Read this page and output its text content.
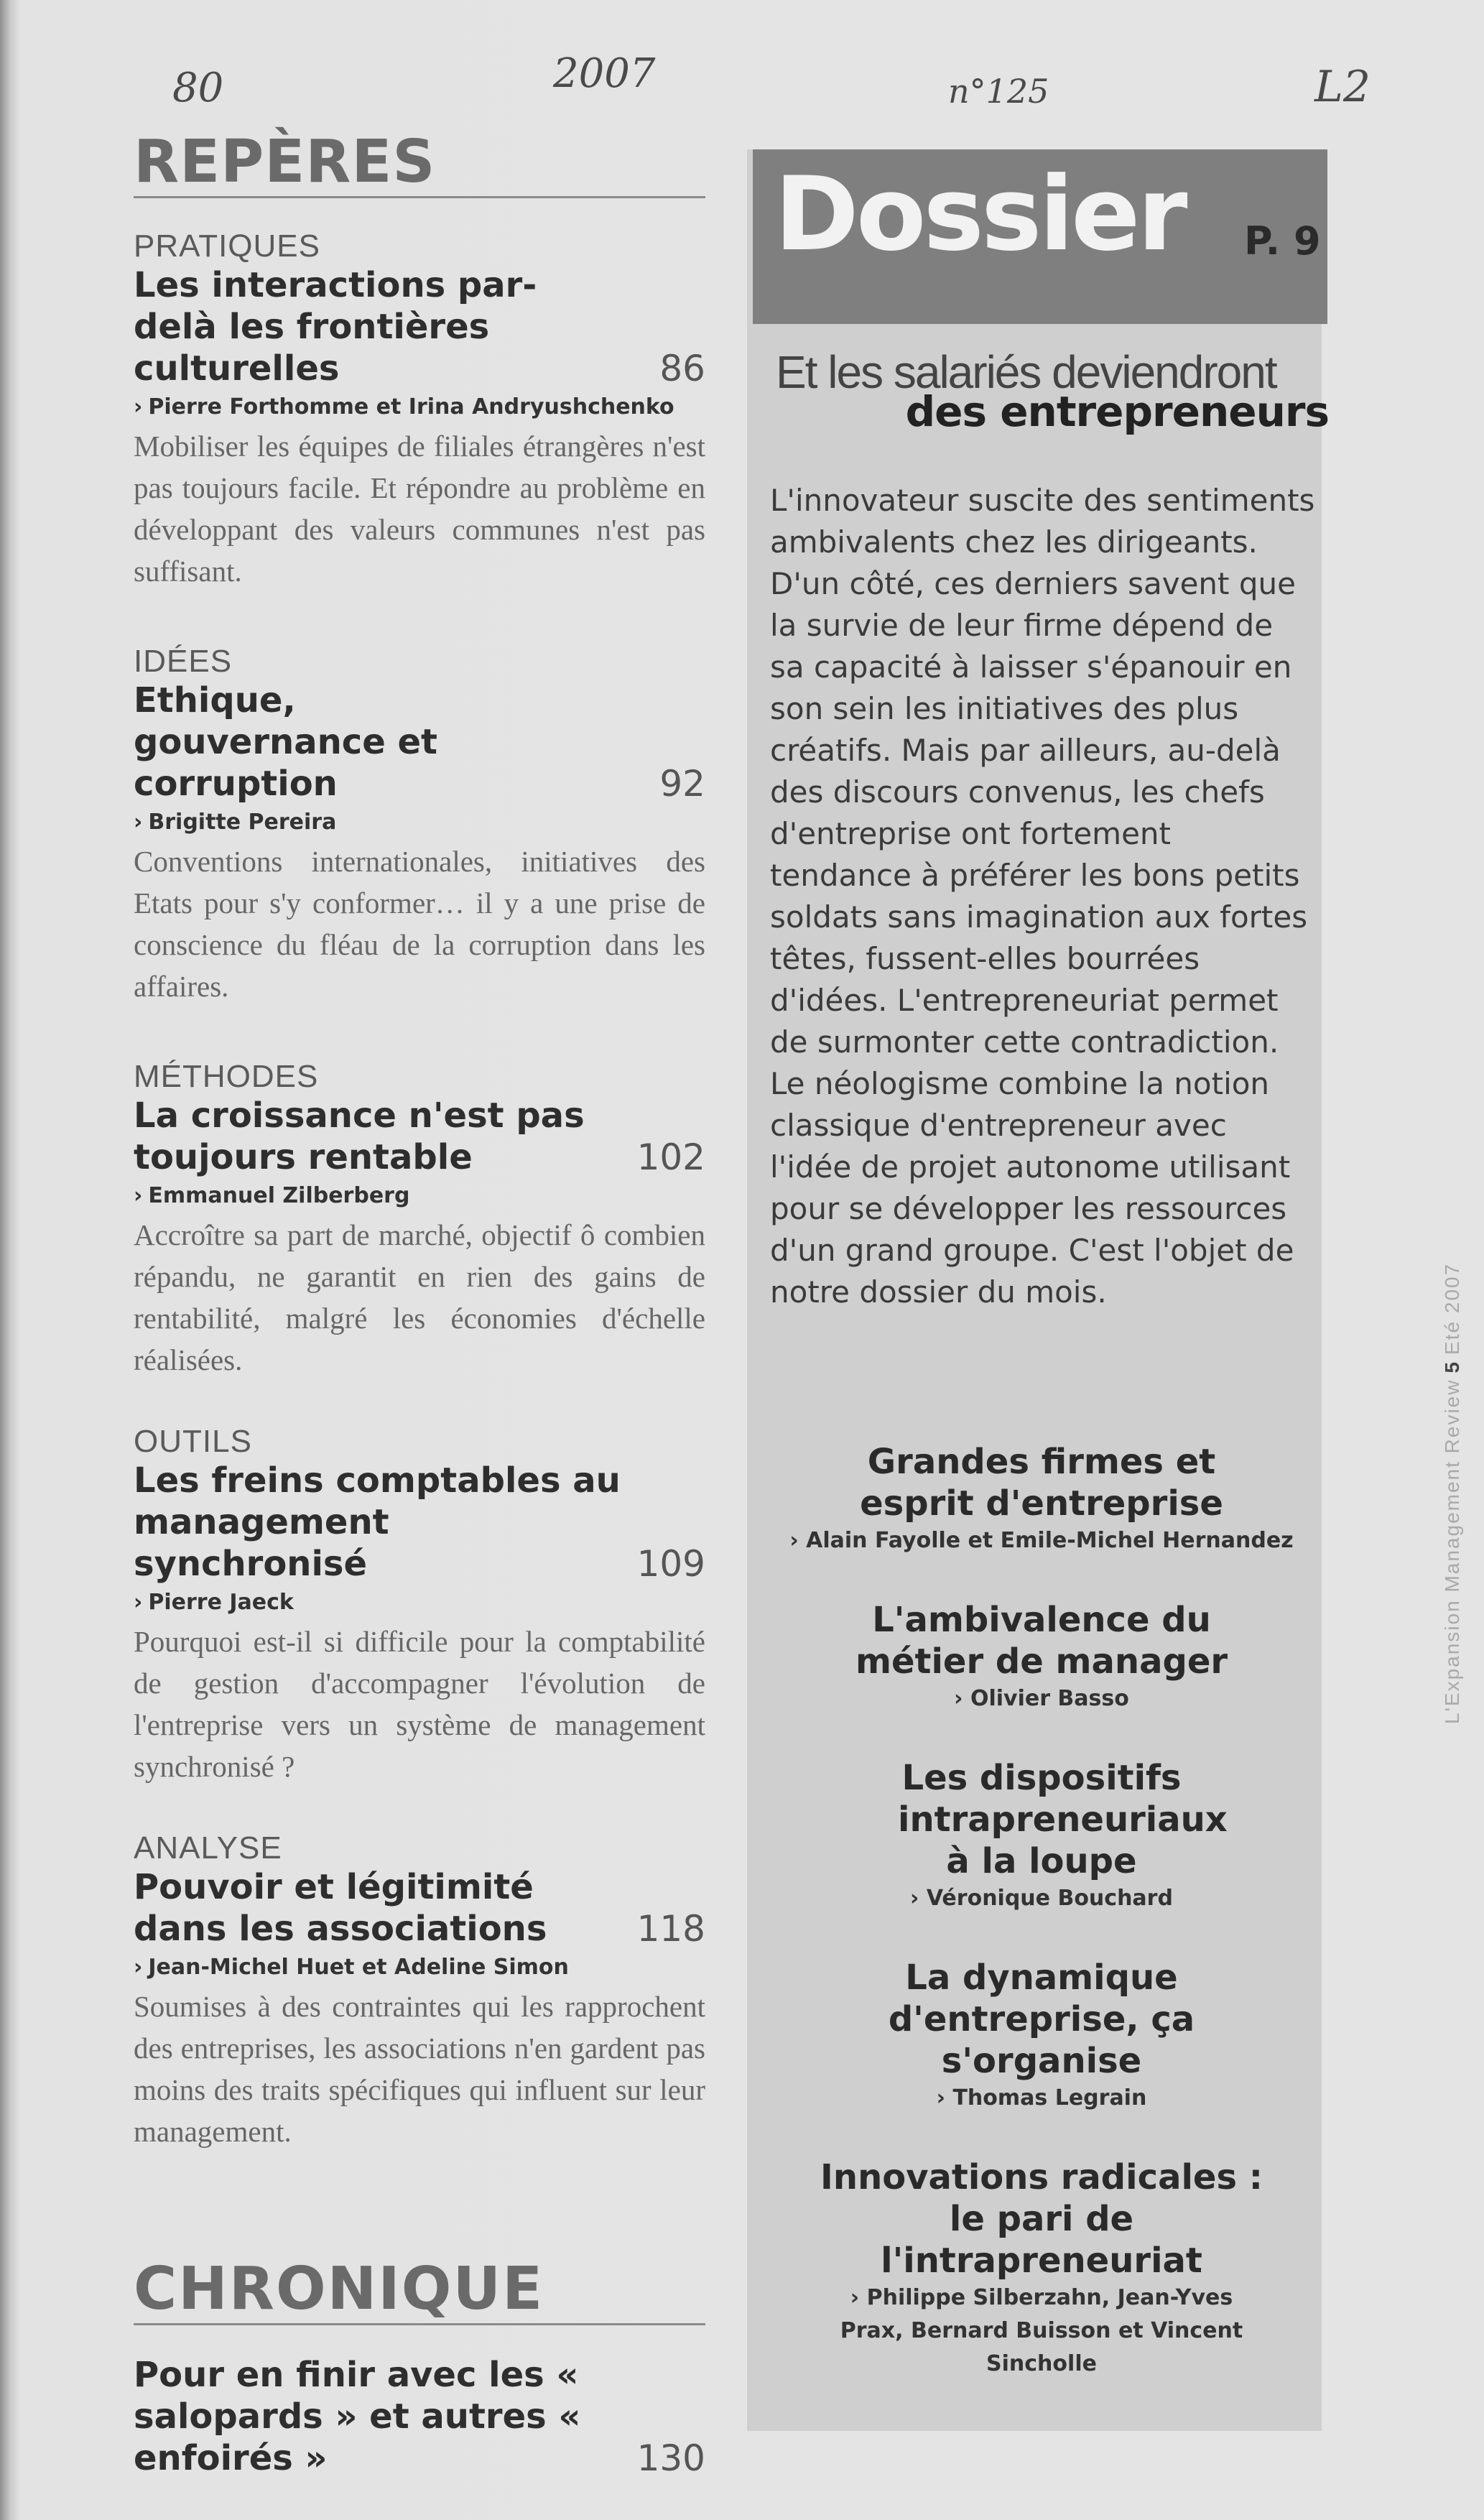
80	2007	n°125	L2
REPÈRES
PRATIQUES
Les interactions par-delà les frontières culturelles	86
› Pierre Forthomme et Irina Andryushchenko
Mobiliser les équipes de filiales étrangères n'est pas toujours facile. Et répondre au problème en développant des valeurs communes n'est pas suffisant.
IDÉES
Ethique, gouvernance et corruption	92
› Brigitte Pereira
Conventions internationales, initiatives des Etats pour s'y conformer… il y a une prise de conscience du fléau de la corruption dans les affaires.
MÉTHODES
La croissance n'est pas toujours rentable	102
› Emmanuel Zilberberg
Accroître sa part de marché, objectif ô combien répandu, ne garantit en rien des gains de rentabilité, malgré les économies d'échelle réalisées.
OUTILS
Les freins comptables au management synchronisé	109
› Pierre Jaeck
Pourquoi est-il si difficile pour la comptabilité de gestion d'accompagner l'évolution de l'entreprise vers un système de management synchronisé ?
ANALYSE
Pouvoir et légitimité dans les associations	118
› Jean-Michel Huet et Adeline Simon
Soumises à des contraintes qui les rapprochent des entreprises, les associations n'en gardent pas moins des traits spécifiques qui influent sur leur management.
CHRONIQUE
Pour en finir avec les « salopards » et autres « enfoirés »	130
Dossier P. 9
Et les salariés deviendront
des entrepreneurs
L'innovateur suscite des sentiments ambivalents chez les dirigeants. D'un côté, ces derniers savent que la survie de leur firme dépend de sa capacité à laisser s'épanouir en son sein les initiatives des plus créatifs. Mais par ailleurs, au-delà des discours convenus, les chefs d'entreprise ont fortement tendance à préférer les bons petits soldats sans imagination aux fortes têtes, fussent-elles bourrées d'idées. L'entrepreneuriat permet de surmonter cette contradiction. Le néologisme combine la notion classique d'entrepreneur avec l'idée de projet autonome utilisant pour se développer les ressources d'un grand groupe. C'est l'objet de notre dossier du mois.
Grandes firmes et esprit d'entreprise
› Alain Fayolle et Emile-Michel Hernandez
L'ambivalence du métier de manager
› Olivier Basso
Les dispositifs intrapreneuriaux à la loupe
› Véronique Bouchard
La dynamique d'entreprise, ça s'organise
› Thomas Legrain
Innovations radicales : le pari de l'intrapreneuriat
› Philippe Silberzahn, Jean-Yves Prax, Bernard Buisson et Vincent Sincholle
L'Expansion Management Review5Eté 2007
